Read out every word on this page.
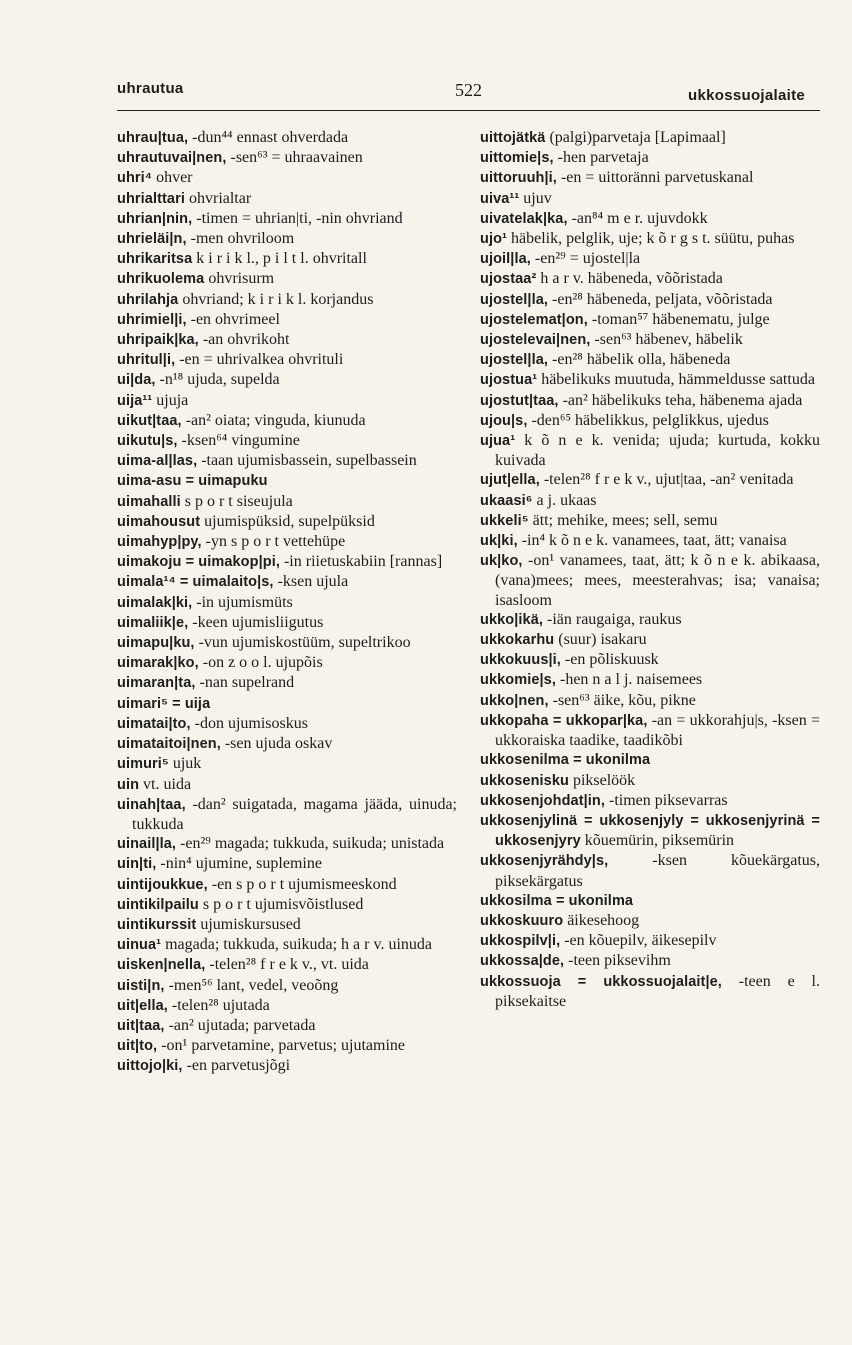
uhrautua	522	ukkossuojalaite
uhrau|tua, -dun⁴⁴ ennast ohverdada
uhrautuvai|nen, -sen⁶³ = uhraavainen
uhri⁴ ohver
uhrialttari ohvrialtar
uhrian|nin, -timen = uhrian|ti, -nin ohvriand
uhrieläi|n, -men ohvriloom
uhrikaritsa k i r i k l., p i l t l. ohvritall
uhrikuolema ohvrisurm
uhrilahja ohvriand; k i r i k l. korjandus
uhrimiel|i, -en ohvrimeel
uhripaik|ka, -an ohvrikoht
uhritul|i, -en = uhrivalkea ohvrituli
ui|da, -n¹⁸ ujuda, supelda
uija¹¹ ujuja
uikut|taa, -an² oiata; vinguda, kiunuda
uikutu|s, -ksen⁶⁴ vingumine
uima-al|las, -taan ujumisbassein, supelbassein
uima-asu = uimapuku
uimahalli s p o r t siseujula
uimahousut ujumispüksid, supelpüksid
uimahyp|py, -yn s p o r t vettehüpe
uimakoju = uimakop|pi, -in riietuskabiin [rannas]
uimala¹⁴ = uimalaito|s, -ksen ujula
uimalak|ki, -in ujumismüts
uimaliik|e, -keen ujumisliigutus
uimapu|ku, -vun ujumiskostüüm, supeltrikoo
uimarak|ko, -on z o o l. ujupõis
uimaran|ta, -nan supelrand
uimari⁵ = uija
uimatai|to, -don ujumisoskus
uimataitoi|nen, -sen ujuda oskav
uimuri⁵ ujuk
uin vt. uida
uinah|taa, -dan² suigatada, magama jääda, uinuda; tukkuda
uinail|la, -en²⁹ magada; tukkuda, suikuda; unistada
uin|ti, -nin⁴ ujumine, suplemine
uintijoukkue, -en s p o r t ujumismeeskond
uintikilpailu s p o r t ujumisvõistlused
uintikurssit ujumiskursused
uinua¹ magada; tukkuda, suikuda; h a r v. uinuda
uisken|nella, -telen²⁸ f r e k v., vt. uida
uisti|n, -men⁵⁶ lant, vedel, veoõng
uit|ella, -telen²⁸ ujutada
uit|taa, -an² ujutada; parvetada
uit|to, -on¹ parvetamine, parvetus; ujutamine
uittojo|ki, -en parvetusjõgi
uittojätkä (palgi)parvetaja [Lapimaal]
uittomie|s, -hen parvetaja
uittoruuh|i, -en = uittoränni parvetuskanal
uiva¹¹ ujuv
uivatelak|ka, -an⁸⁴ m e r. ujuvdokk
ujo¹ häbelik, pelglik, uje; k õ r g s t. süütu, puhas
ujoil|la, -en²⁹ = ujostel|la
ujostaa² h a r v. häbeneda, võõristada
ujostel|la, -en²⁸ häbeneda, peljata, võõristada
ujostelemat|on, -toman⁵⁷ häbenematu, julge
ujostelevai|nen, -sen⁶³ häbenev, häbelik
ujostel|la, -en²⁸ häbelik olla, häbeneda
ujostua¹ häbelikuks muutuda, hämmeldusse sattuda
ujostut|taa, -an² häbelikuks teha, häbenema ajada
ujou|s, -den⁶⁵ häbelikkus, pelglikkus, ujedus
ujua¹ k õ n e k. venida; ujuda; kurtuda, kokku kuivada
ujut|ella, -telen²⁸ f r e k v., ujut|taa, -an² venitada
ukaasi⁶ a j. ukaas
ukkeli⁵ ätt; mehike, mees; sell, semu
uk|ki, -in⁴ k õ n e k. vanamees, taat, ätt; vanaisa
uk|ko, -on¹ vanamees, taat, ätt; k õ n e k. abikaasa, (vana)mees; mees, meesterahvas; isa; vanaisa; isasloom
ukko|ikä, -iän raugaiga, raukus
ukkokarhu (suur) isakaru
ukkokuus|i, -en põliskuusk
ukkomie|s, -hen n a l j. naisemees
ukko|nen, -sen⁶³ äike, kõu, pikne
ukkopaha = ukkopar|ka, -an = ukkorahju|s, -ksen = ukkoraiska taadike, taadikõbi
ukkosenilma = ukonilma
ukkosenisku pikselöök
ukkosenjohdat|in, -timen piksevarras
ukkosenjylinä = ukkosenjyly = ukkosenjyrinä = ukkosenjyry kõuemürin, piksemürin
ukkosenjyrähdy|s, -ksen kõuekärgatus, piksekärgatus
ukkosilma = ukonilma
ukkoskuuro äikesehoog
ukkospilv|i, -en kõuepilv, äikesepilv
ukkossa|de, -teen piksevihm
ukkossuoja = ukkossuojalait|e, -teen e l. piksekaitse
